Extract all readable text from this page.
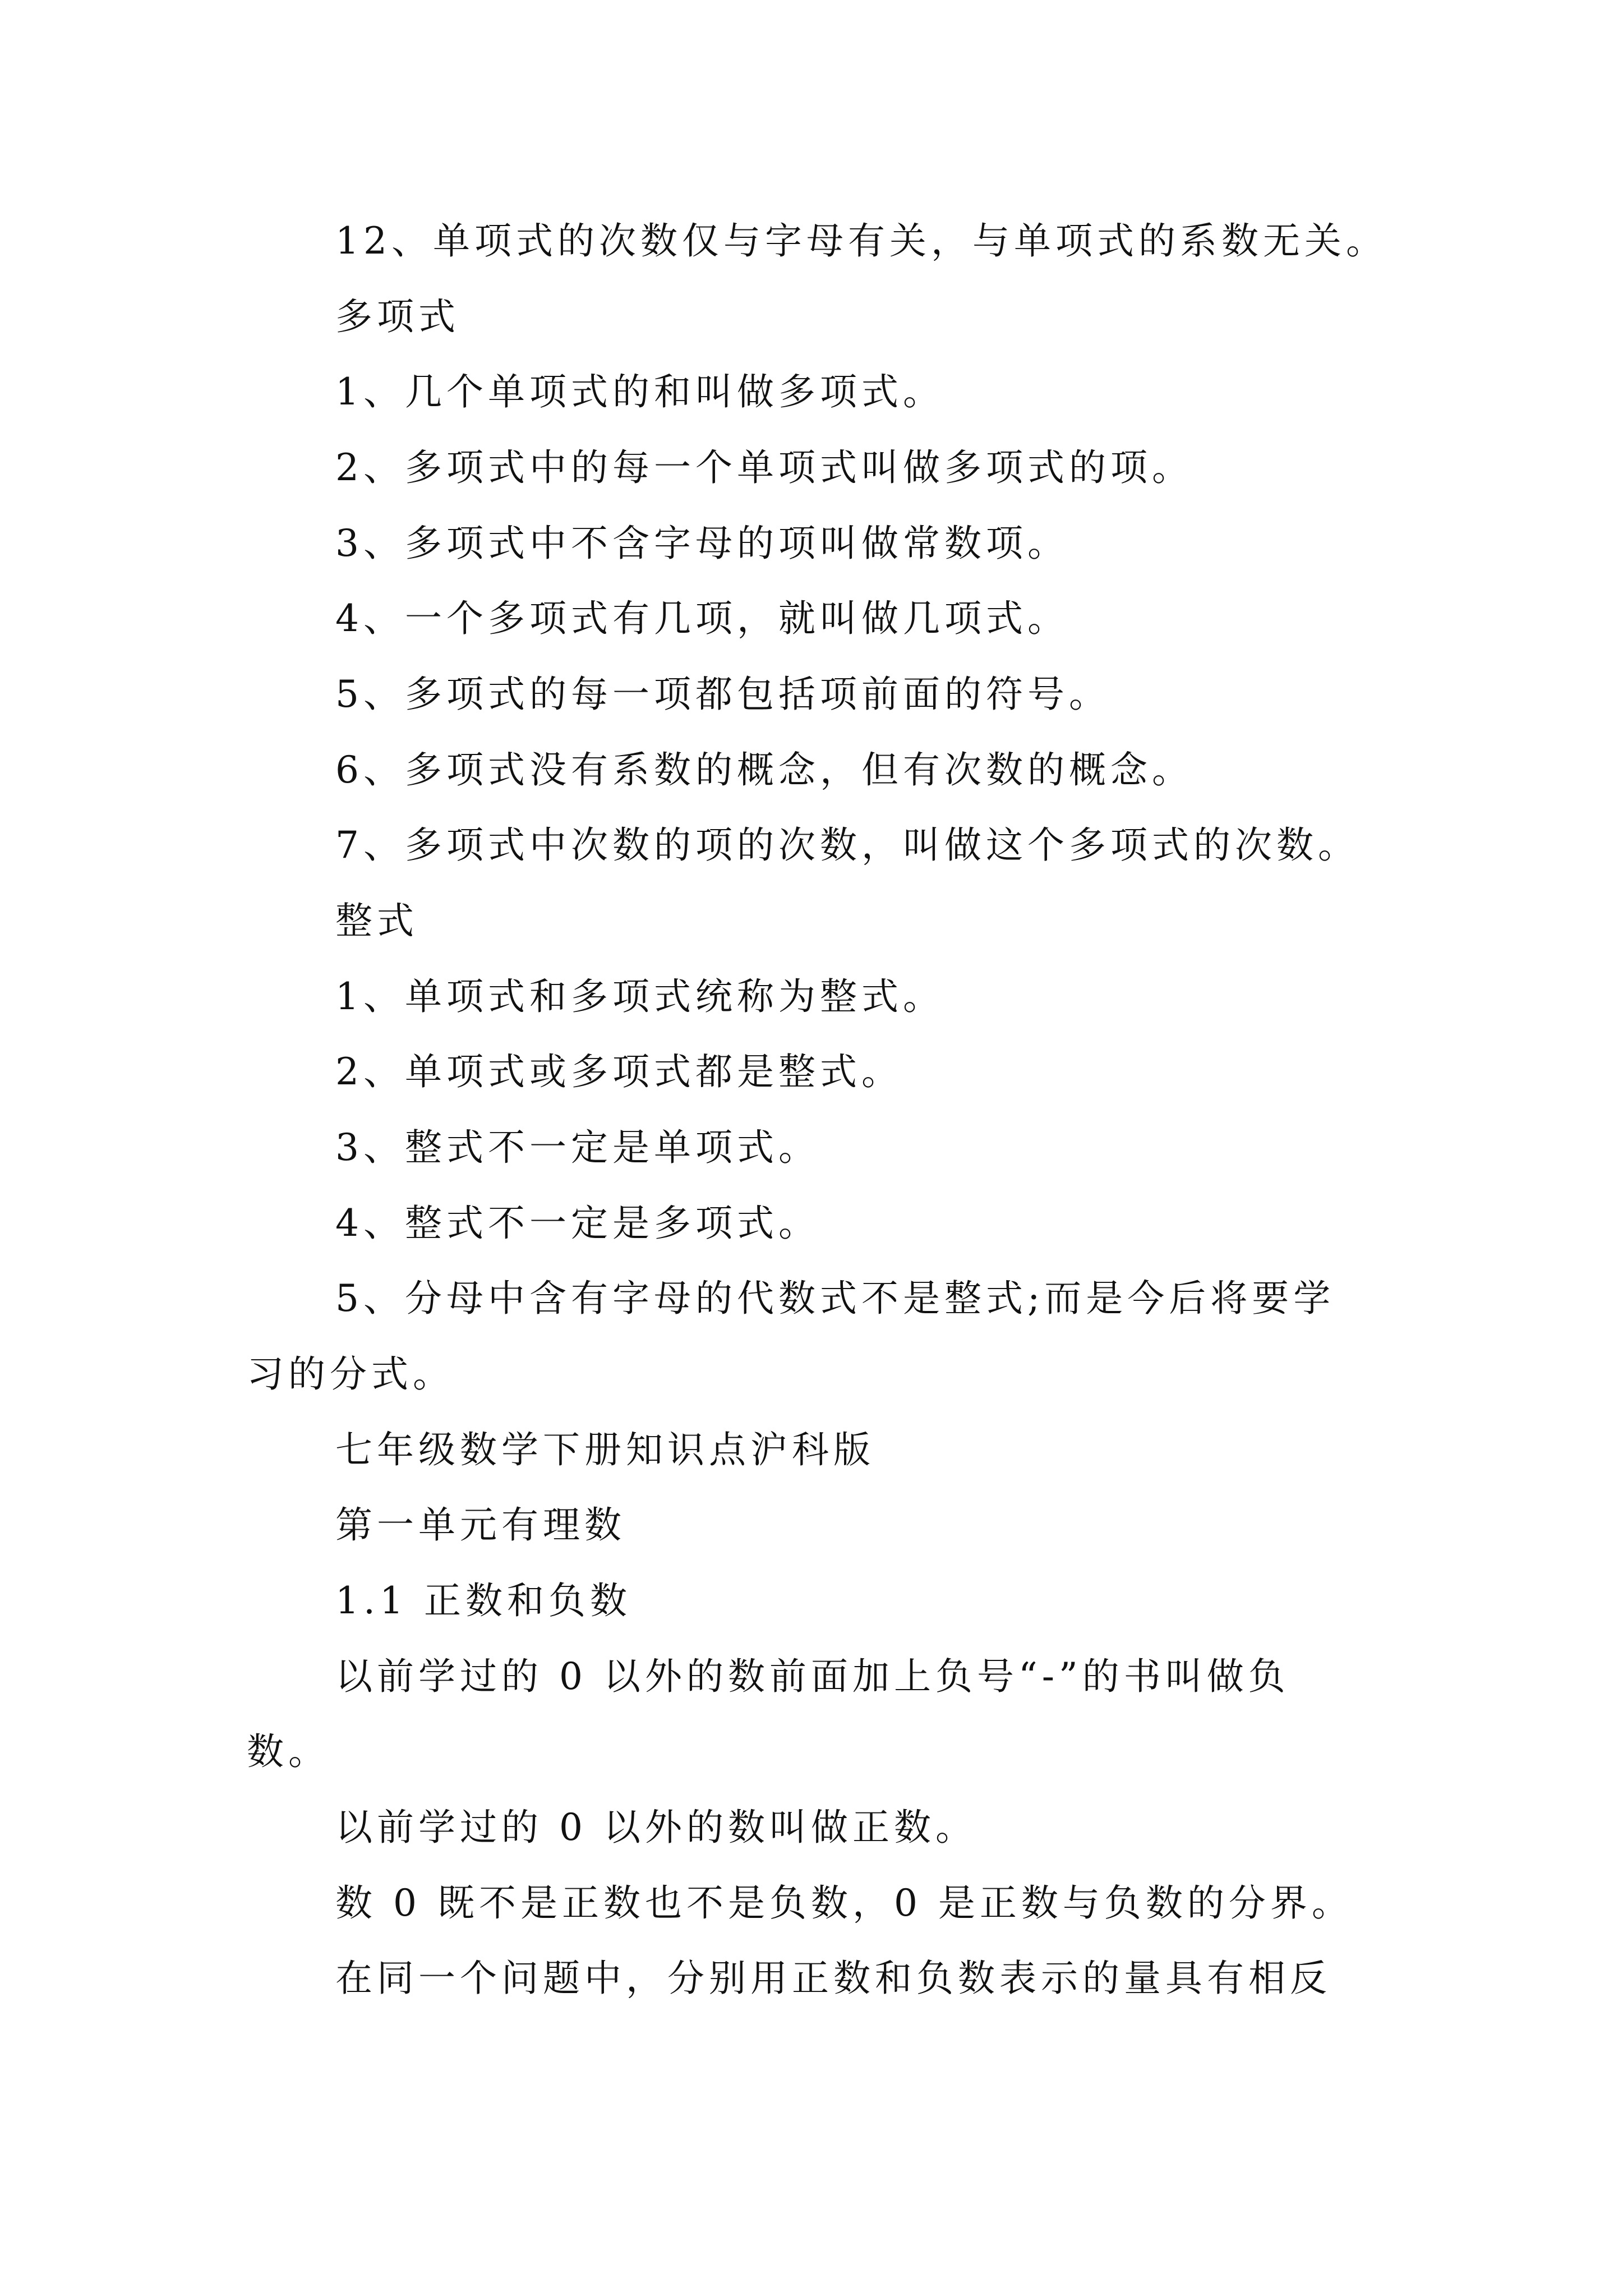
12、单项式的次数仅与字母有关，与单项式的系数无关。
多项式
1、几个单项式的和叫做多项式。
2、多项式中的每一个单项式叫做多项式的项。
3、多项式中不含字母的项叫做常数项。
4、一个多项式有几项，就叫做几项式。
5、多项式的每一项都包括项前面的符号。
6、多项式没有系数的概念，但有次数的概念。
7、多项式中次数的项的次数，叫做这个多项式的次数。
整式
1、单项式和多项式统称为整式。
2、单项式或多项式都是整式。
3、整式不一定是单项式。
4、整式不一定是多项式。
5、分母中含有字母的代数式不是整式;而是今后将要学
习的分式。
七年级数学下册知识点沪科版
第一单元有理数
1.1 正数和负数
以前学过的 0 以外的数前面加上负号“-”的书叫做负
数。
以前学过的 0 以外的数叫做正数。
数 0 既不是正数也不是负数，0 是正数与负数的分界。
在同一个问题中，分别用正数和负数表示的量具有相反
